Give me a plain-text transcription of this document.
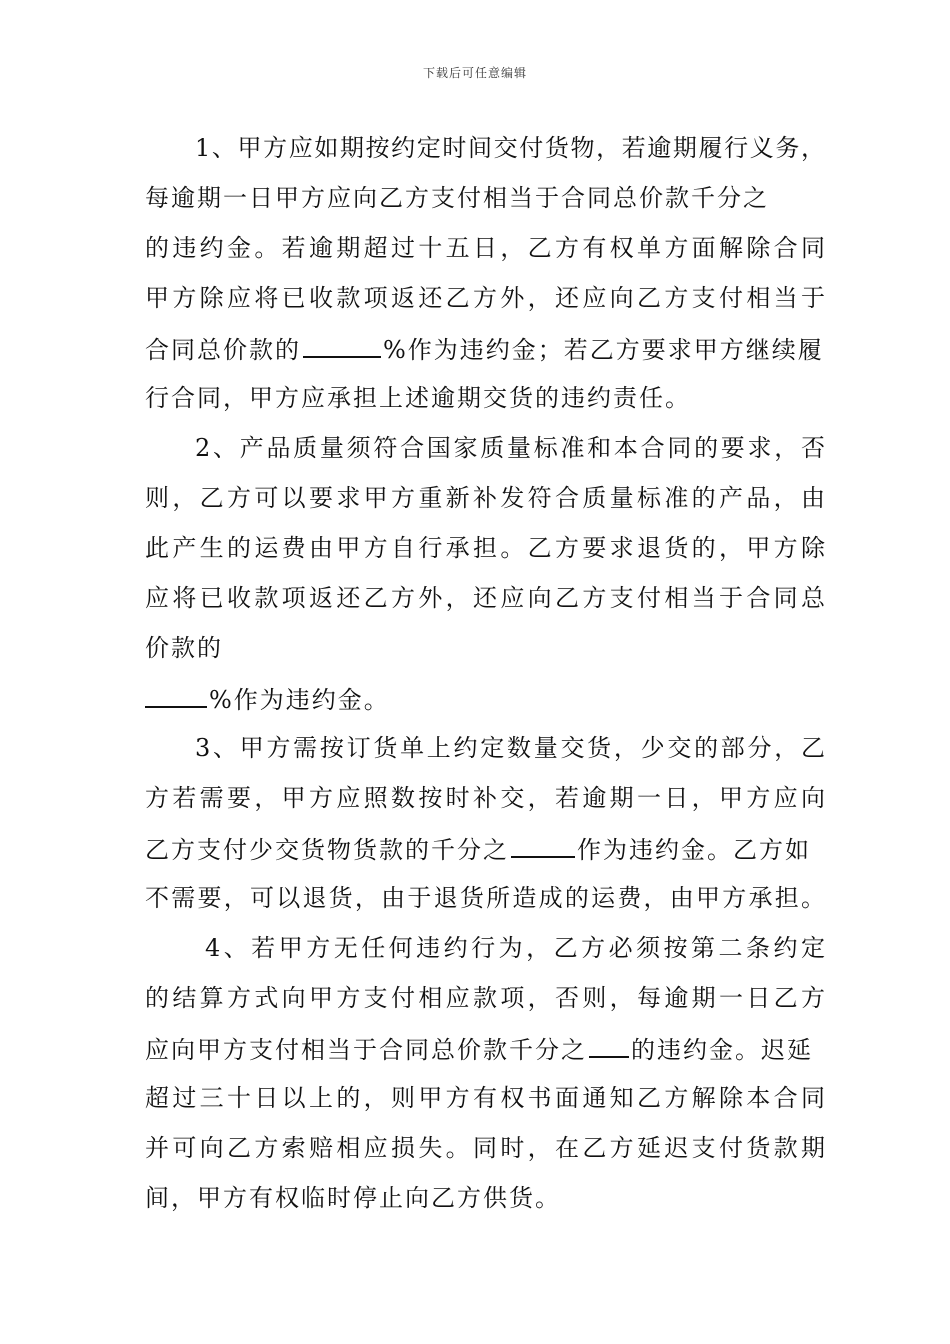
下载后可任意编辑
1、甲方应如期按约定时间交付货物，若逾期履行义务，
每逾期一日甲方应向乙方支付相当于合同总价款千分之
的违约金。若逾期超过十五日，乙方有权单方面解除合同
甲方除应将已收款项返还乙方外，还应向乙方支付相当于
合同总价款的	%作为违约金；若乙方要求甲方继续履
行合同，甲方应承担上述逾期交货的违约责任。
2、产品质量须符合国家质量标准和本合同的要求，否
则，乙方可以要求甲方重新补发符合质量标准的产品，由
此产生的运费由甲方自行承担。乙方要求退货的，甲方除
应将已收款项返还乙方外，还应向乙方支付相当于合同总
价款的
%作为违约金。
3、甲方需按订货单上约定数量交货，少交的部分，乙
方若需要，甲方应照数按时补交，若逾期一日，甲方应向
乙方支付少交货物货款的千分之	作为违约金。乙方如
不需要，可以退货，由于退货所造成的运费，由甲方承担。
4、若甲方无任何违约行为，乙方必须按第二条约定
的结算方式向甲方支付相应款项，否则，每逾期一日乙方
应向甲方支付相当于合同总价款千分之 的违约金。迟延
超过三十日以上的，则甲方有权书面通知乙方解除本合同
并可向乙方索赔相应损失。同时，在乙方延迟支付货款期
间，甲方有权临时停止向乙方供货。
